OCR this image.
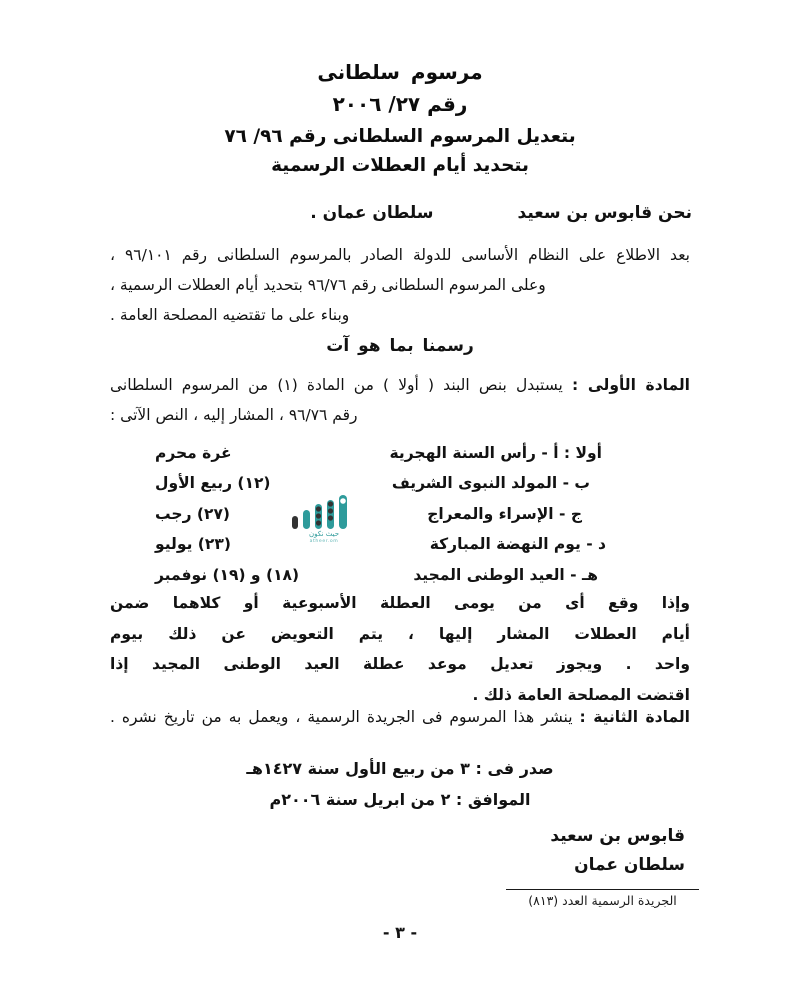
مرسوم سلطانى
رقم ٢٧/ ٢٠٠٦
بتعديل المرسوم السلطانى رقم ٩٦/ ٧٦
بتحديد أيام العطلات الرسمية
نحن قابوس بن سعيد
سلطان عمان .

بعد الاطلاع على النظام الأساسى للدولة الصادر بالمرسوم السلطانى رقم ٩٦/١٠١ ،

وعلى المرسوم السلطانى رقم ٩٦/٧٦ بتحديد أيام العطلات الرسمية ،

وبناء على ما تقتضيه المصلحة العامة .

رسمنا بما هو آت
المادة الأولى : يستبدل بنص البند ( أولا ) من المادة (١) من المرسوم السلطانى
رقم ٩٦/٧٦ ، المشار إليه ، النص الآتى :
أولا : أ - رأس السنة الهجرية
غرة محرم
ب - المولد النبوى الشريف
(١٢) ربيع الأول
ج - الإسراء والمعراج
(٢٧) رجب
د - يوم النهضة المباركة
(٢٣) يوليو
هـ - العيد الوطنى المجيد
(١٨) و (١٩) نوفمبر
حيث نكون
atheer.om

وإذا وقع أى من يومى العطلة الأسبوعية أو كلاهما ضمن

أيام العطلات المشار إليها ، يتم التعويض عن ذلك بيوم

واحد . ويجوز تعديل موعد عطلة العيد الوطنى المجيد إذا

اقتضت المصلحة العامة ذلك .

المادة الثانية : ينشر هذا المرسوم فى الجريدة الرسمية ، ويعمل به من تاريخ نشره .
صدر فى : ٣ من ربيع الأول سنة ١٤٢٧هـ
الموافق : ٢ من ابريل سنة ٢٠٠٦م
قابوس بن سعيد
سلطان عمان
الجريدة الرسمية العدد (٨١٣)
- ٣ -
